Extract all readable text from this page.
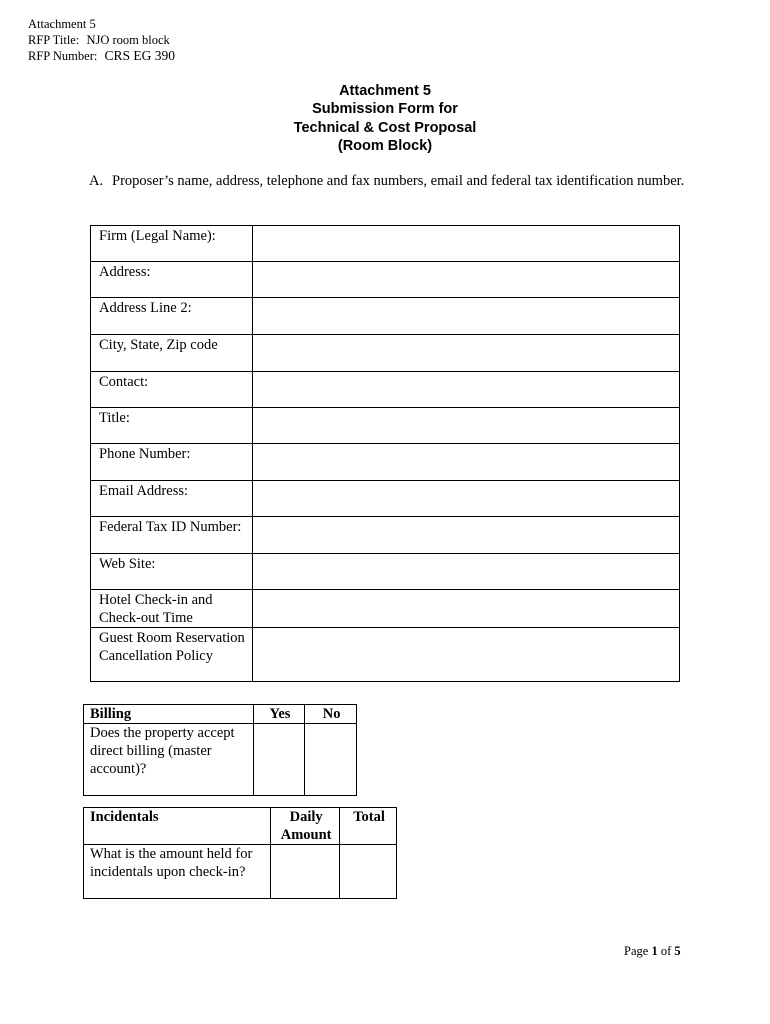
Attachment 5
RFP Title: NJO room block
RFP Number: CRS EG 390
Attachment 5
Submission Form for
Technical & Cost Proposal
(Room Block)
A. Proposer’s name, address, telephone and fax numbers, email and federal tax identification number.
Firm (Legal Name):	
Address:	
Address Line 2:	
City, State, Zip code	
Contact:	
Title:	
Phone Number:	
Email Address:	
Federal Tax ID Number:	
Web Site:	
Hotel Check-in and Check-out Time	
Guest Room Reservation Cancellation Policy	
Billing	Yes	No
Does the property accept direct billing (master account)?		
Incidentals	Daily Amount	Total
What is the amount held for incidentals upon check-in?		
Page 1 of 5
